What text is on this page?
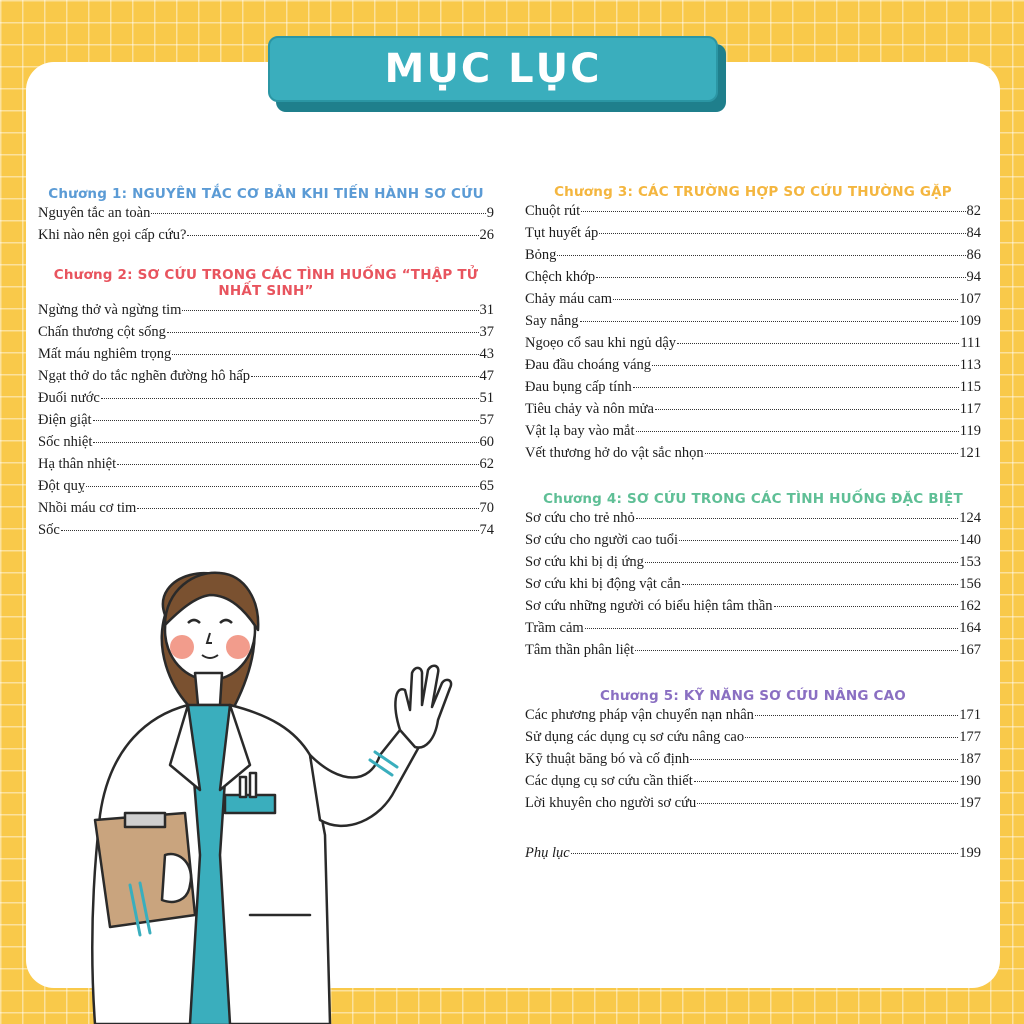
MỤC LỤC
Chương 1: NGUYÊN TẮC CƠ BẢN KHI TIẾN HÀNH SƠ CỨU
Nguyên tắc an toàn	9
Khi nào nên gọi cấp cứu?	26
Chương 2: SƠ CỨU TRONG CÁC TÌNH HUỐNG “THẬP TỬ NHẤT SINH”
Ngừng thở và ngừng tim	31
Chấn thương cột sống	37
Mất máu nghiêm trọng	43
Ngạt thở do tắc nghẽn đường hô hấp	47
Đuối nước	51
Điện giật	57
Sốc nhiệt	60
Hạ thân nhiệt	62
Đột quỵ	65
Nhồi máu cơ tim	70
Sốc	74
Chương 3: CÁC TRƯỜNG HỢP SƠ CỨU THƯỜNG GẶP
Chuột rút	82
Tụt huyết áp	84
Bỏng	86
Chệch khớp	94
Chảy máu cam	107
Say nắng	109
Ngoẹo cổ sau khi ngủ dậy	111
Đau đầu choáng váng	113
Đau bụng cấp tính	115
Tiêu chảy và nôn mửa	117
Vật lạ bay vào mắt	119
Vết thương hở do vật sắc nhọn	121
Chương 4: SƠ CỨU TRONG CÁC TÌNH HUỐNG ĐẶC BIỆT
Sơ cứu cho trẻ nhỏ	124
Sơ cứu cho người cao tuổi	140
Sơ cứu khi bị dị ứng	153
Sơ cứu khi bị động vật cắn	156
Sơ cứu những người có biểu hiện tâm thần	162
Trầm cảm	164
Tâm thần phân liệt	167
Chương 5: KỸ NĂNG SƠ CỨU NÂNG CAO
Các phương pháp vận chuyển nạn nhân	171
Sử dụng các dụng cụ sơ cứu nâng cao	177
Kỹ thuật băng bó và cố định	187
Các dụng cụ sơ cứu cần thiết	190
Lời khuyên cho người sơ cứu	197
Phụ lục	199
